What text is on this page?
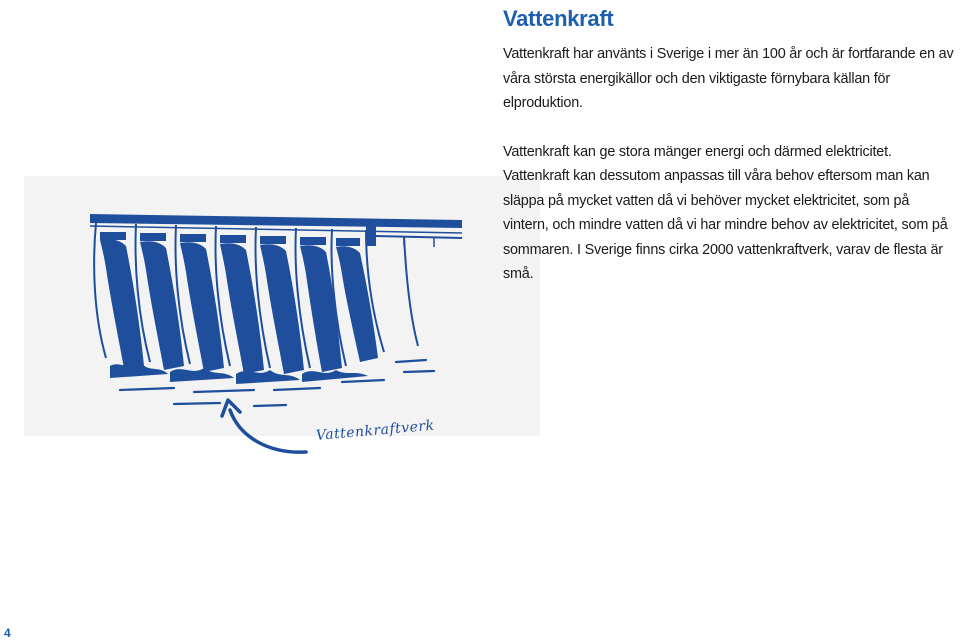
Vattenkraftverk
Vattenkraft

Vattenkraft har använts i Sverige i mer än 100 år och är fortfarande en av våra största energikällor och den viktigaste förnybara källan för elproduktion.

Vattenkraft kan ge stora mänger energi och därmed elektricitet. Vattenkraft kan dessutom anpassas till våra behov eftersom man kan släppa på mycket vatten då vi behöver mycket elektricitet, som på vintern, och mindre vatten då vi har mindre behov av elektricitet, som på sommaren. I Sverige finns cirka 2000 vattenkraftverk, varav de flesta är små.

4
